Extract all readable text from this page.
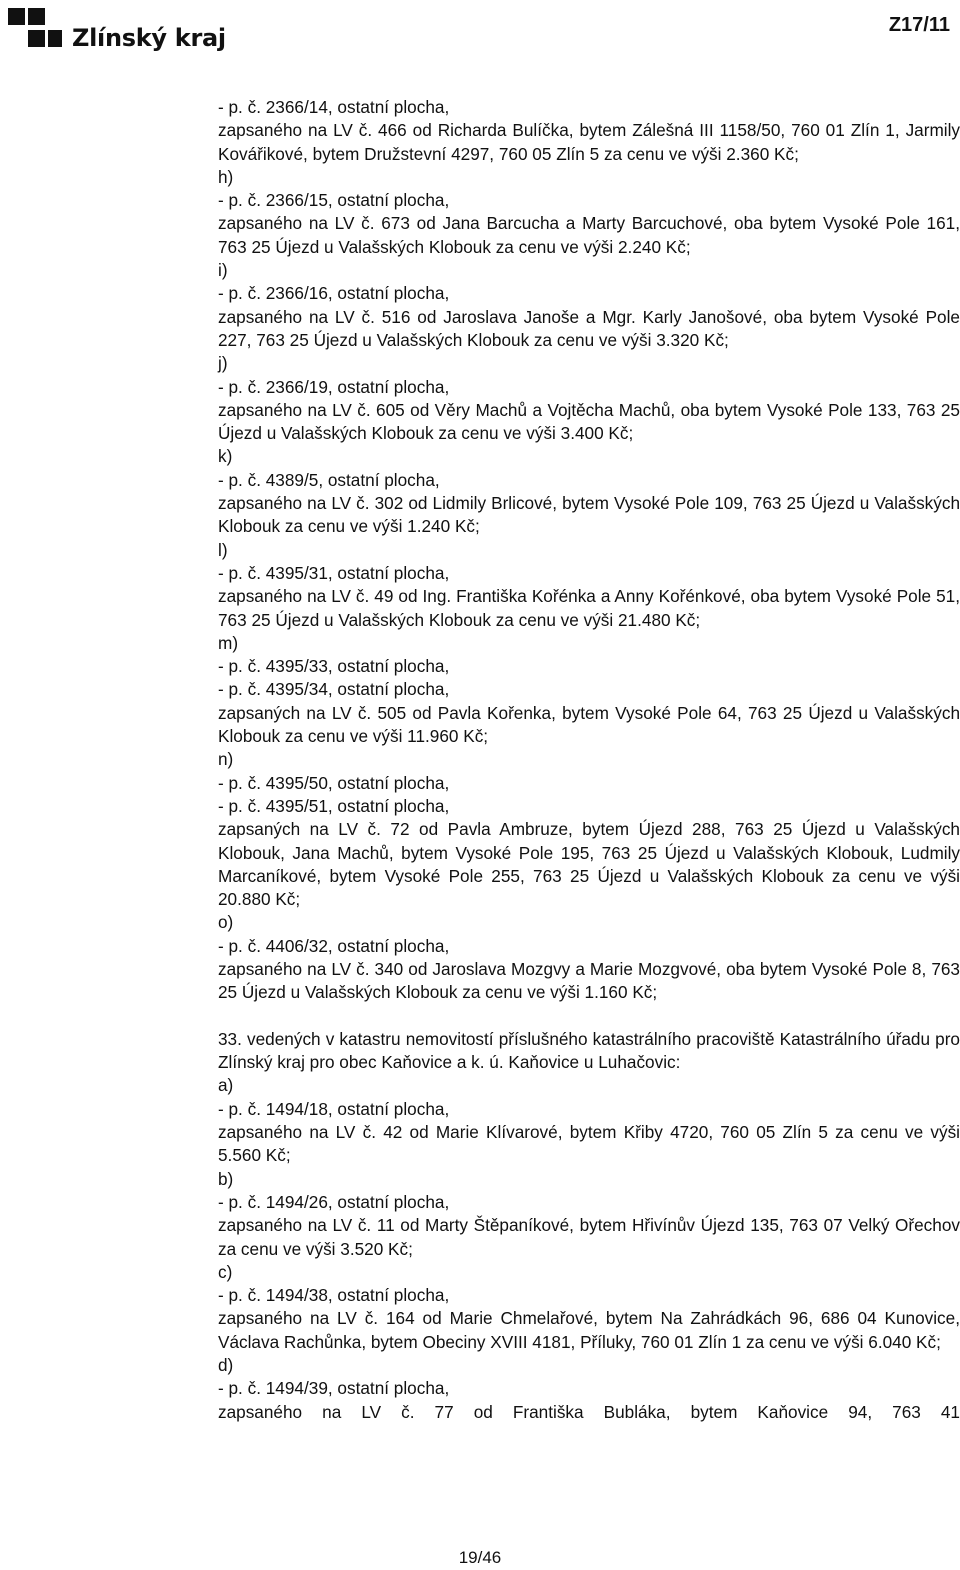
Zlínský kraj	Z17/11
- p. č. 2366/14, ostatní plocha,
zapsaného na LV č. 466 od Richarda Bulíčka, bytem Zálešná III 1158/50, 760 01 Zlín 1, Jarmily Kovářikové, bytem Družstevní 4297, 760 05 Zlín 5 za cenu ve výši 2.360 Kč;
h)
- p. č. 2366/15, ostatní plocha,
zapsaného na LV č. 673 od Jana Barcucha a Marty Barcuchové, oba bytem Vysoké Pole 161, 763 25 Újezd u Valašských Klobouk za cenu ve výši 2.240 Kč;
i)
- p. č. 2366/16, ostatní plocha,
zapsaného na LV č. 516 od Jaroslava Janoše a Mgr. Karly Janošové, oba bytem Vysoké Pole 227, 763 25 Újezd u Valašských Klobouk za cenu ve výši 3.320 Kč;
j)
- p. č. 2366/19, ostatní plocha,
zapsaného na LV č. 605 od Věry Machů a Vojtěcha Machů, oba bytem Vysoké Pole 133, 763 25 Újezd u Valašských Klobouk za cenu ve výši 3.400 Kč;
k)
- p. č. 4389/5, ostatní plocha,
zapsaného na LV č. 302 od Lidmily Brlicové, bytem Vysoké Pole 109, 763 25 Újezd u Valašských Klobouk za cenu ve výši 1.240 Kč;
l)
- p. č. 4395/31, ostatní plocha,
zapsaného na LV č. 49 od Ing. Františka Kořénka a Anny Kořénkové, oba bytem Vysoké Pole 51, 763 25 Újezd u Valašských Klobouk za cenu ve výši 21.480 Kč;
m)
- p. č. 4395/33, ostatní plocha,
- p. č. 4395/34, ostatní plocha,
zapsaných na LV č. 505 od Pavla Kořenka, bytem Vysoké Pole 64, 763 25 Újezd u Valašských Klobouk za cenu ve výši 11.960 Kč;
n)
- p. č. 4395/50, ostatní plocha,
- p. č. 4395/51, ostatní plocha,
zapsaných na LV č. 72 od Pavla Ambruze, bytem Újezd 288, 763 25 Újezd u Valašských Klobouk, Jana Machů, bytem Vysoké Pole 195, 763 25 Újezd u Valašských Klobouk, Ludmily Marcaníkové, bytem Vysoké Pole 255, 763 25 Újezd u Valašských Klobouk za cenu ve výši 20.880 Kč;
o)
- p. č. 4406/32, ostatní plocha,
zapsaného na LV č. 340 od Jaroslava Mozgvy a Marie Mozgvové, oba bytem Vysoké Pole 8, 763 25 Újezd u Valašských Klobouk za cenu ve výši 1.160 Kč;
33. vedených v katastru nemovitostí příslušného katastrálního pracoviště Katastrálního úřadu pro Zlínský kraj pro obec Kaňovice a k. ú. Kaňovice u Luhačovic:
a)
- p. č. 1494/18, ostatní plocha,
zapsaného na LV č. 42 od Marie Klívarové, bytem Křiby 4720, 760 05 Zlín 5 za cenu ve výši 5.560 Kč;
b)
- p. č. 1494/26, ostatní plocha,
zapsaného na LV č. 11 od Marty Štěpaníkové, bytem Hřivínův Újezd 135, 763 07 Velký Ořechov za cenu ve výši 3.520 Kč;
c)
- p. č. 1494/38, ostatní plocha,
zapsaného na LV č. 164 od Marie Chmelařové, bytem Na Zahrádkách 96, 686 04 Kunovice, Václava Rachůnka, bytem Obeciny XVIII 4181, Příluky, 760 01 Zlín 1 za cenu ve výši 6.040 Kč;
d)
- p. č. 1494/39, ostatní plocha,
zapsaného na LV č. 77 od Františka Bubláka, bytem Kaňovice 94, 763 41
19/46
